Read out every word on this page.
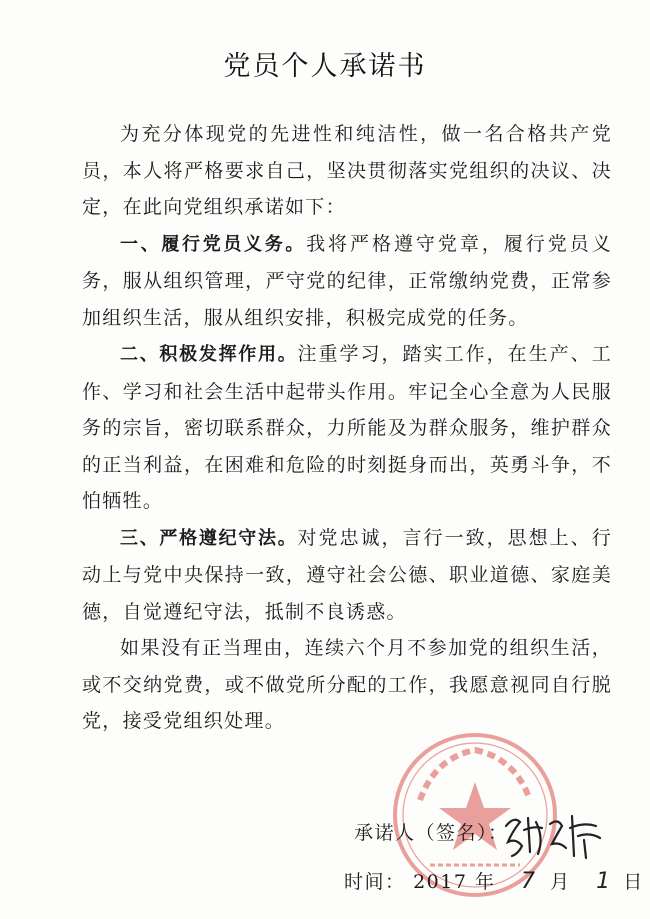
党员个人承诺书

为充分体现党的先进性和纯洁性，做一名合格共产党员，本人将严格要求自己，坚决贯彻落实党组织的决议、决定，在此向党组织承诺如下：

一、履行党员义务。我将严格遵守党章，履行党员义务，服从组织管理，严守党的纪律，正常缴纳党费，正常参加组织生活，服从组织安排，积极完成党的任务。

二、积极发挥作用。注重学习，踏实工作，在生产、工作、学习和社会生活中起带头作用。牢记全心全意为人民服务的宗旨，密切联系群众，力所能及为群众服务，维护群众的正当利益，在困难和危险的时刻挺身而出，英勇斗争，不怕牺牲。

三、严格遵纪守法。对党忠诚，言行一致，思想上、行动上与党中央保持一致，遵守社会公德、职业道德、家庭美德，自觉遵纪守法，抵制不良诱惑。

如果没有正当理由，连续六个月不参加党的组织生活，或不交纳党费，或不做党所分配的工作，我愿意视同自行脱党，接受党组织处理。

承诺人（签名）：
时间： 2017 年 7 月 1 日
